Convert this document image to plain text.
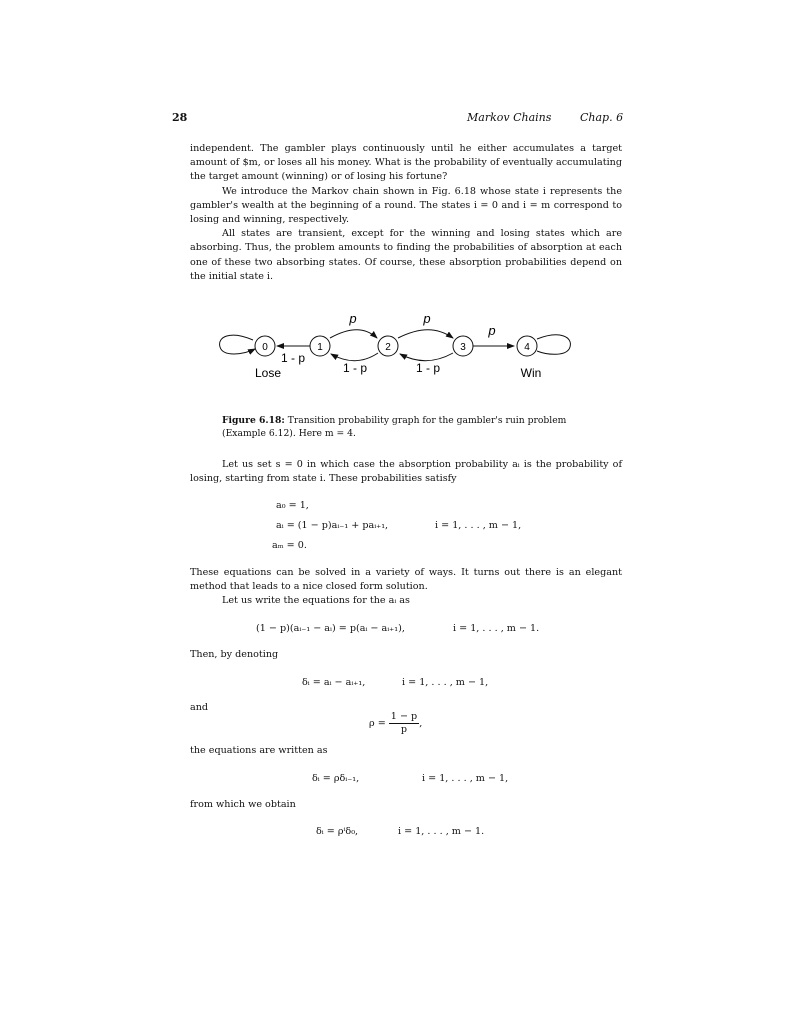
28	Markov Chains	Chap. 6

independent. The gambler plays continuously until he either accumulates a target amount of $m, or loses all his money. What is the probability of eventually accumulating the target amount (winning) or of losing his fortune?

We introduce the Markov chain shown in Fig. 6.18 whose state i represents the gambler's wealth at the beginning of a round. The states i = 0 and i = m correspond to losing and winning, respectively.

All states are transient, except for the winning and losing states which are absorbing. Thus, the problem amounts to finding the probabilities of absorption at each one of these two absorbing states. Of course, these absorption probabilities depend on the initial state i.

0	1	2	3	4
p	p
p
1 - p
1 - p	1 - p
Lose	Win
Figure 6.18: Transition probability graph for the gambler's ruin problem (Example 6.12). Here m = 4.

Let us set s = 0 in which case the absorption probability aᵢ is the probability of losing, starting from state i. These probabilities satisfy

a₀ = 1,
aᵢ = (1 − p)aᵢ₋₁ + paᵢ₊₁,	i = 1, . . . , m − 1,
aₘ = 0.

These equations can be solved in a variety of ways. It turns out there is an elegant method that leads to a nice closed form solution.

Let us write the equations for the aᵢ as

(1 − p)(aᵢ₋₁ − aᵢ) = p(aᵢ − aᵢ₊₁),	i = 1, . . . , m − 1.
Then, by denoting
δᵢ = aᵢ − aᵢ₊₁,	i = 1, . . . , m − 1,
and
$\rho = \frac{1 - p}{p}$ ,
the equations are written as
δᵢ = ρδᵢ₋₁,	i = 1, . . . , m − 1,
from which we obtain
δᵢ = ρⁱδ₀,	i = 1, . . . , m − 1.
